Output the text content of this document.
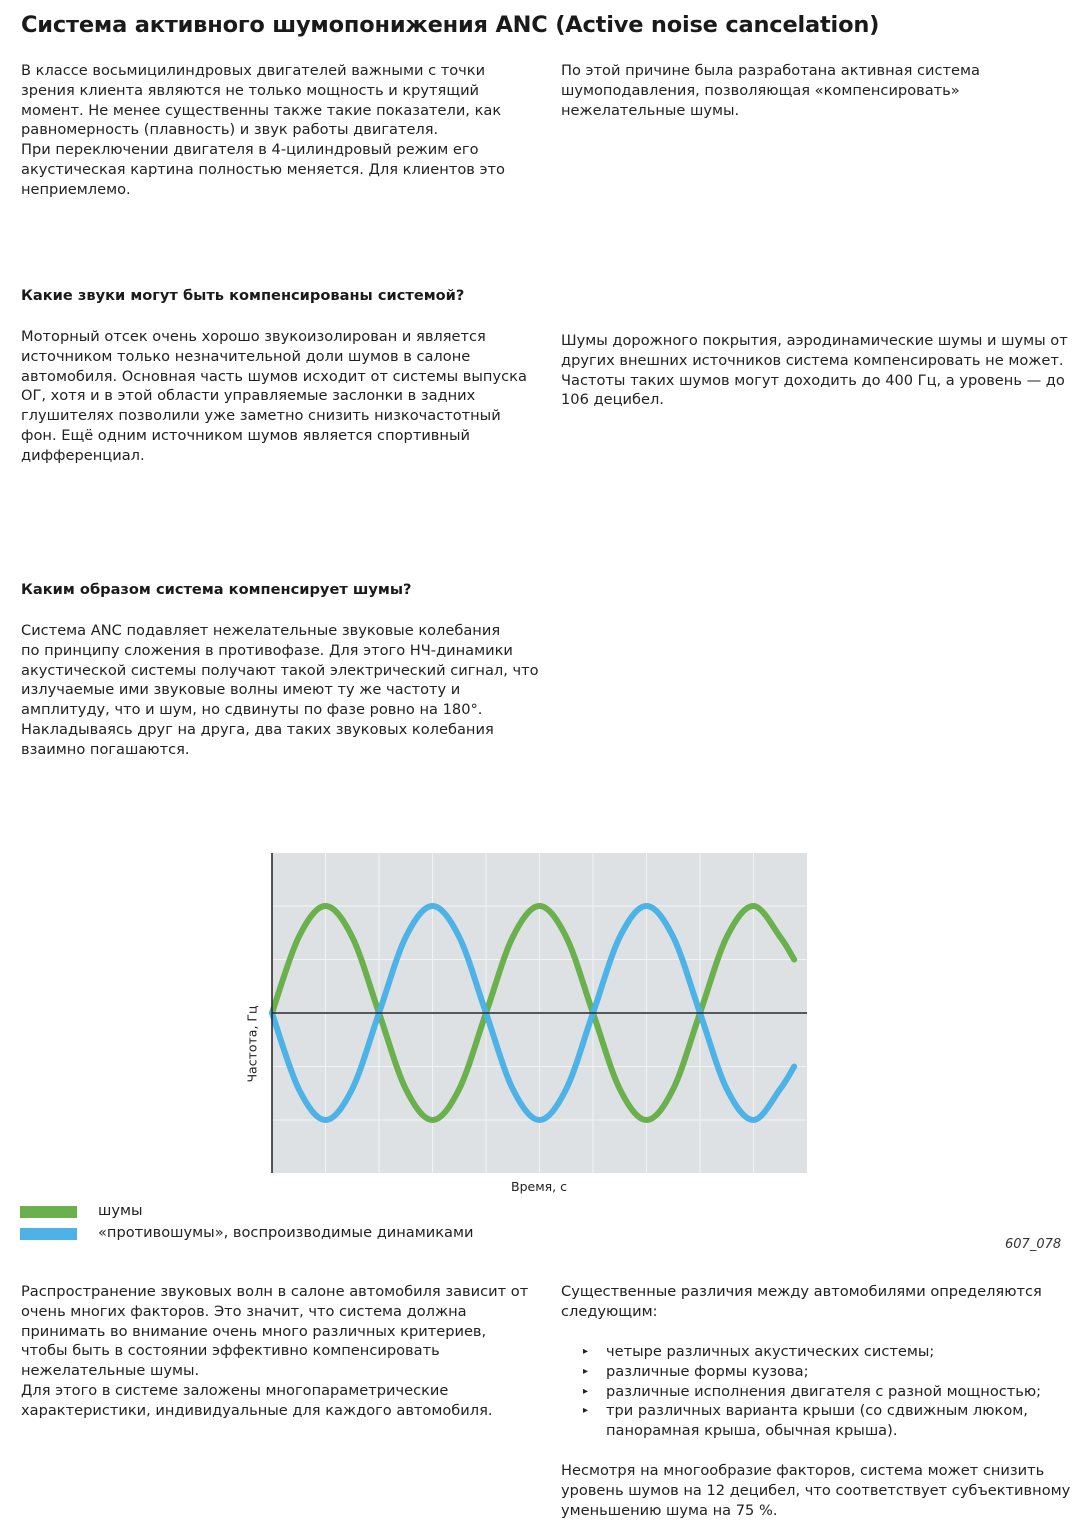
Система активного шумопонижения ANC (Active noise cancelation)
В классе восьмицилиндровых двигателей важными с точки
зрения клиента являются не только мощность и крутящий
момент. Не менее существенны также такие показатели, как
равномерность (плавность) и звук работы двигателя.
При переключении двигателя в 4-цилиндровый режим его
акустическая картина полностью меняется. Для клиентов это
неприемлемо.
По этой причине была разработана активная система
шумоподавления, позволяющая «компенсировать»
нежелательные шумы.
Какие звуки могут быть компенсированы системой?
Моторный отсек очень хорошо звукоизолирован и является
источником только незначительной доли шумов в салоне
автомобиля. Основная часть шумов исходит от системы выпуска
ОГ, хотя и в этой области управляемые заслонки в задних
глушителях позволили уже заметно снизить низкочастотный
фон. Ещё одним источником шумов является спортивный
дифференциал.
Шумы дорожного покрытия, аэродинамические шумы и шумы от
других внешних источников система компенсировать не может.
Частоты таких шумов могут доходить до 400 Гц, а уровень — до
106 децибел.
Каким образом система компенсирует шумы?
Система ANC подавляет нежелательные звуковые колебания
по принципу сложения в противофазе. Для этого НЧ-динамики
акустической системы получают такой электрический сигнал, что
излучаемые ими звуковые волны имеют ту же частоту и
амплитуду, что и шум, но сдвинуты по фазе ровно на 180°.
Накладываясь друг на друга, два таких звуковых колебания
взаимно погашаются.
Частота, Гц
Время, с
шумы
«противошумы», воспроизводимые динамиками
607_078
Распространение звуковых волн в салоне автомобиля зависит от
очень многих факторов. Это значит, что система должна
принимать во внимание очень много различных критериев,
чтобы быть в состоянии эффективно компенсировать
нежелательные шумы.
Для этого в системе заложены многопараметрические
характеристики, индивидуальные для каждого автомобиля.
Существенные различия между автомобилями определяются
следующим:
▸ четыре различных акустических системы;
▸ различные формы кузова;
▸ различные исполнения двигателя с разной мощностью;
▸ три различных варианта крыши (со сдвижным люком,
панорамная крыша, обычная крыша).
Несмотря на многообразие факторов, система может снизить
уровень шумов на 12 децибел, что соответствует субъективному
уменьшению шума на 75 %.
